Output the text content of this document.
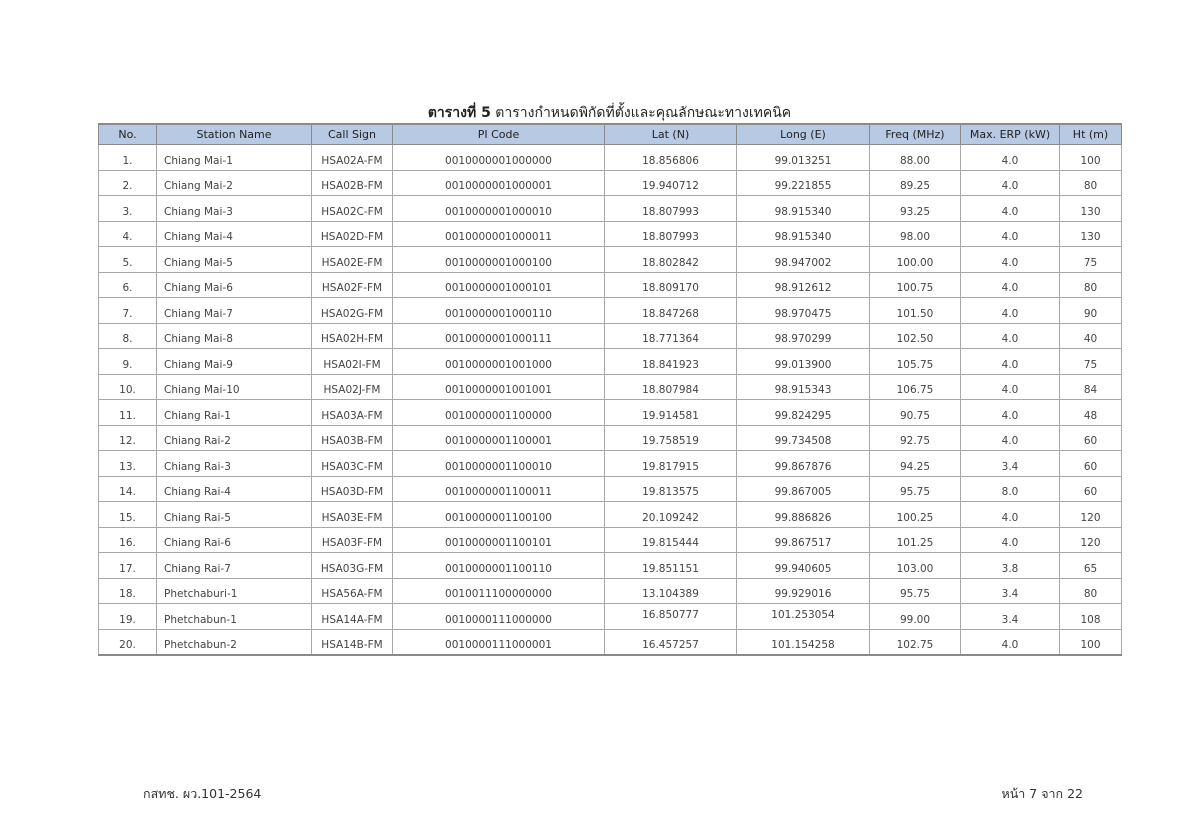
ตารางที่ 5 ตารางกำหนดพิกัดที่ตั้งและคุณลักษณะทางเทคนิค
No.	Station Name	Call Sign	PI Code	Lat (N)	Long (E)	Freq (MHz)	Max. ERP (kW)	Ht (m)
1.	Chiang Mai-1	HSA02A-FM	0010000001000000	18.856806	99.013251	88.00	4.0	100
2.	Chiang Mai-2	HSA02B-FM	0010000001000001	19.940712	99.221855	89.25	4.0	80
3.	Chiang Mai-3	HSA02C-FM	0010000001000010	18.807993	98.915340	93.25	4.0	130
4.	Chiang Mai-4	HSA02D-FM	0010000001000011	18.807993	98.915340	98.00	4.0	130
5.	Chiang Mai-5	HSA02E-FM	0010000001000100	18.802842	98.947002	100.00	4.0	75
6.	Chiang Mai-6	HSA02F-FM	0010000001000101	18.809170	98.912612	100.75	4.0	80
7.	Chiang Mai-7	HSA02G-FM	0010000001000110	18.847268	98.970475	101.50	4.0	90
8.	Chiang Mai-8	HSA02H-FM	0010000001000111	18.771364	98.970299	102.50	4.0	40
9.	Chiang Mai-9	HSA02I-FM	0010000001001000	18.841923	99.013900	105.75	4.0	75
10.	Chiang Mai-10	HSA02J-FM	0010000001001001	18.807984	98.915343	106.75	4.0	84
11.	Chiang Rai-1	HSA03A-FM	0010000001100000	19.914581	99.824295	90.75	4.0	48
12.	Chiang Rai-2	HSA03B-FM	0010000001100001	19.758519	99.734508	92.75	4.0	60
13.	Chiang Rai-3	HSA03C-FM	0010000001100010	19.817915	99.867876	94.25	3.4	60
14.	Chiang Rai-4	HSA03D-FM	0010000001100011	19.813575	99.867005	95.75	8.0	60
15.	Chiang Rai-5	HSA03E-FM	0010000001100100	20.109242	99.886826	100.25	4.0	120
16.	Chiang Rai-6	HSA03F-FM	0010000001100101	19.815444	99.867517	101.25	4.0	120
17.	Chiang Rai-7	HSA03G-FM	0010000001100110	19.851151	99.940605	103.00	3.8	65
18.	Phetchaburi-1	HSA56A-FM	0010011100000000	13.104389	99.929016	95.75	3.4	80
19.	Phetchabun-1	HSA14A-FM	0010000111000000	16.850777	101.253054	99.00	3.4	108
20.	Phetchabun-2	HSA14B-FM	0010000111000001	16.457257	101.154258	102.75	4.0	100
กสทช. ผว.101-2564	หน้า 7 จาก 22
